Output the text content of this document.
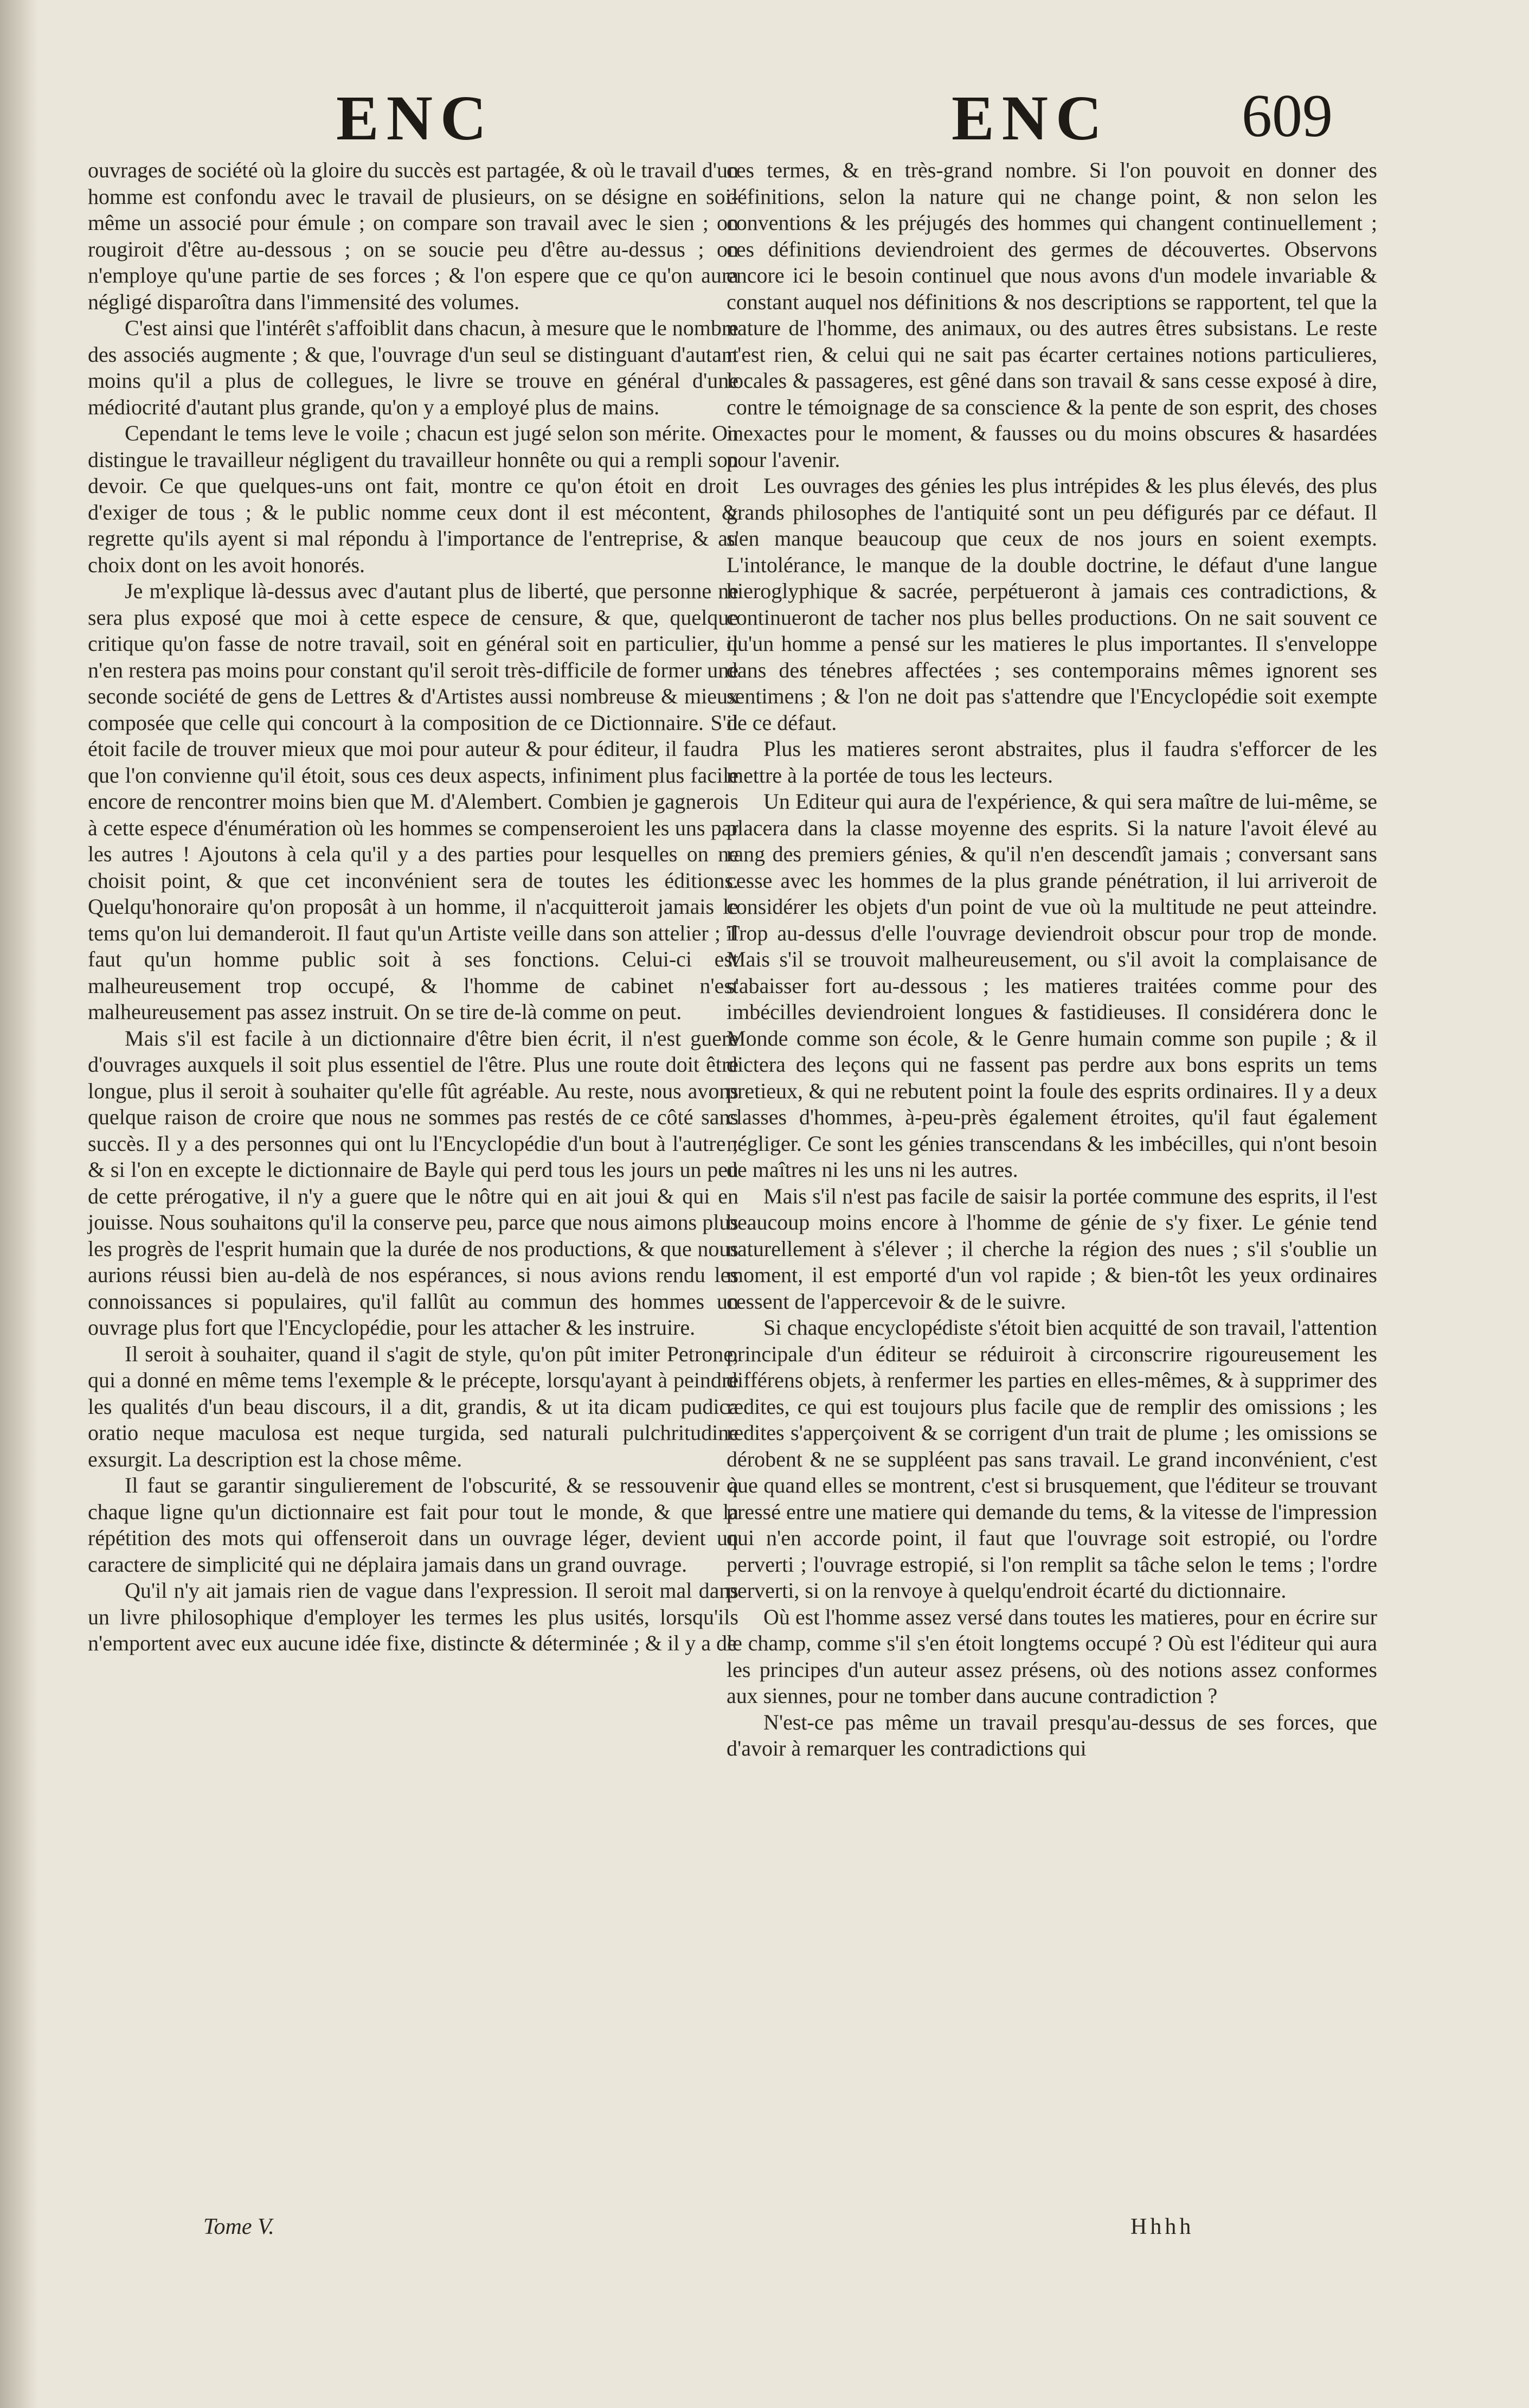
ENC	ENC 609

ouvrages de société où la gloire du succès est partagée, & où le travail d'un homme est confondu avec le travail de plusieurs, on se désigne en soi-même un associé pour émule ; on compare son travail avec le sien ; on rougiroit d'être au-dessous ; on se soucie peu d'être au-dessus ; on n'employe qu'une partie de ses forces ; & l'on espere que ce qu'on aura négligé disparoîtra dans l'immensité des volumes.

C'est ainsi que l'intérêt s'affoiblit dans chacun, à mesure que le nombre des associés augmente ; & que, l'ouvrage d'un seul se distinguant d'autant moins qu'il a plus de collegues, le livre se trouve en général d'une médiocrité d'autant plus grande, qu'on y a employé plus de mains.

Cependant le tems leve le voile ; chacun est jugé selon son mérite. On distingue le travailleur négligent du travailleur honnête ou qui a rempli son devoir. Ce que quelques-uns ont fait, montre ce qu'on étoit en droit d'exiger de tous ; & le public nomme ceux dont il est mécontent, & regrette qu'ils ayent si mal répondu à l'importance de l'entreprise, & au choix dont on les avoit honorés.

Je m'explique là-dessus avec d'autant plus de liberté, que personne ne sera plus exposé que moi à cette espece de censure, & que, quelque critique qu'on fasse de notre travail, soit en général soit en particulier, il n'en restera pas moins pour constant qu'il seroit très-difficile de former une seconde société de gens de Lettres & d'Artistes aussi nombreuse & mieux composée que celle qui concourt à la composition de ce Dictionnaire. S'il étoit facile de trouver mieux que moi pour auteur & pour éditeur, il faudra que l'on convienne qu'il étoit, sous ces deux aspects, infiniment plus facile encore de rencontrer moins bien que M. d'Alembert. Combien je gagnerois à cette espece d'énumération où les hommes se compenseroient les uns par les autres ! Ajoutons à cela qu'il y a des parties pour lesquelles on ne choisit point, & que cet inconvénient sera de toutes les éditions. Quelqu'honoraire qu'on proposât à un homme, il n'acquitteroit jamais le tems qu'on lui demanderoit. Il faut qu'un Artiste veille dans son attelier ; il faut qu'un homme public soit à ses fonctions. Celui-ci est malheureusement trop occupé, & l'homme de cabinet n'est malheureusement pas assez instruit. On se tire de-là comme on peut.

Mais s'il est facile à un dictionnaire d'être bien écrit, il n'est guere d'ouvrages auxquels il soit plus essentiel de l'être. Plus une route doit être longue, plus il seroit à souhaiter qu'elle fût agréable. Au reste, nous avons quelque raison de croire que nous ne sommes pas restés de ce côté sans succès. Il y a des personnes qui ont lu l'Encyclopédie d'un bout à l'autre ; & si l'on en excepte le dictionnaire de Bayle qui perd tous les jours un peu de cette prérogative, il n'y a guere que le nôtre qui en ait joui & qui en jouisse. Nous souhaitons qu'il la conserve peu, parce que nous aimons plus les progrès de l'esprit humain que la durée de nos productions, & que nous aurions réussi bien au-delà de nos espérances, si nous avions rendu les connoissances si populaires, qu'il fallût au commun des hommes un ouvrage plus fort que l'Encyclopédie, pour les attacher & les instruire.

Il seroit à souhaiter, quand il s'agit de style, qu'on pût imiter Petrone, qui a donné en même tems l'exemple & le précepte, lorsqu'ayant à peindre les qualités d'un beau discours, il a dit, grandis, & ut ita dicam pudica oratio neque maculosa est neque turgida, sed naturali pulchritudine exsurgit. La description est la chose même.

Il faut se garantir singulierement de l'obscurité, & se ressouvenir à chaque ligne qu'un dictionnaire est fait pour tout le monde, & que la répétition des mots qui offenseroit dans un ouvrage léger, devient un caractere de simplicité qui ne déplaira jamais dans un grand ouvrage.

Qu'il n'y ait jamais rien de vague dans l'expression. Il seroit mal dans un livre philosophique d'employer les termes les plus usités, lorsqu'ils n'emportent avec eux aucune idée fixe, distincte & déterminée ; & il y a de

ces termes, & en très-grand nombre. Si l'on pouvoit en donner des définitions, selon la nature qui ne change point, & non selon les conventions & les préjugés des hommes qui changent continuellement ; ces définitions deviendroient des germes de découvertes. Observons encore ici le besoin continuel que nous avons d'un modele invariable & constant auquel nos définitions & nos descriptions se rapportent, tel que la nature de l'homme, des animaux, ou des autres êtres subsistans. Le reste n'est rien, & celui qui ne sait pas écarter certaines notions particulieres, locales & passageres, est gêné dans son travail & sans cesse exposé à dire, contre le témoignage de sa conscience & la pente de son esprit, des choses inexactes pour le moment, & fausses ou du moins obscures & hasardées pour l'avenir.

Les ouvrages des génies les plus intrépides & les plus élevés, des plus grands philosophes de l'antiquité sont un peu défigurés par ce défaut. Il s'en manque beaucoup que ceux de nos jours en soient exempts. L'intolérance, le manque de la double doctrine, le défaut d'une langue hieroglyphique & sacrée, perpétueront à jamais ces contradictions, & continueront de tacher nos plus belles productions. On ne sait souvent ce qu'un homme a pensé sur les matieres le plus importantes. Il s'enveloppe dans des ténebres affectées ; ses contemporains mêmes ignorent ses sentimens ; & l'on ne doit pas s'attendre que l'Encyclopédie soit exempte de ce défaut.

Plus les matieres seront abstraites, plus il faudra s'efforcer de les mettre à la portée de tous les lecteurs.

Un Editeur qui aura de l'expérience, & qui sera maître de lui-même, se placera dans la classe moyenne des esprits. Si la nature l'avoit élevé au rang des premiers génies, & qu'il n'en descendît jamais ; conversant sans cesse avec les hommes de la plus grande pénétration, il lui arriveroit de considérer les objets d'un point de vue où la multitude ne peut atteindre. Trop au-dessus d'elle l'ouvrage deviendroit obscur pour trop de monde. Mais s'il se trouvoit malheureusement, ou s'il avoit la complaisance de s'abaisser fort au-dessous ; les matieres traitées comme pour des imbécilles deviendroient longues & fastidieuses. Il considérera donc le Monde comme son école, & le Genre humain comme son pupile ; & il dictera des leçons qui ne fassent pas perdre aux bons esprits un tems pretieux, & qui ne rebutent point la foule des esprits ordinaires. Il y a deux classes d'hommes, à-peu-près également étroites, qu'il faut également négliger. Ce sont les génies transcendans & les imbécilles, qui n'ont besoin de maîtres ni les uns ni les autres.

Mais s'il n'est pas facile de saisir la portée commune des esprits, il l'est beaucoup moins encore à l'homme de génie de s'y fixer. Le génie tend naturellement à s'élever ; il cherche la région des nues ; s'il s'oublie un moment, il est emporté d'un vol rapide ; & bien-tôt les yeux ordinaires cessent de l'appercevoir & de le suivre.

Si chaque encyclopédiste s'étoit bien acquitté de son travail, l'attention principale d'un éditeur se réduiroit à circonscrire rigoureusement les différens objets, à renfermer les parties en elles-mêmes, & à supprimer des redites, ce qui est toujours plus facile que de remplir des omissions ; les redites s'apperçoivent & se corrigent d'un trait de plume ; les omissions se dérobent & ne se suppléent pas sans travail. Le grand inconvénient, c'est que quand elles se montrent, c'est si brusquement, que l'éditeur se trouvant pressé entre une matiere qui demande du tems, & la vitesse de l'impression qui n'en accorde point, il faut que l'ouvrage soit estropié, ou l'ordre perverti ; l'ouvrage estropié, si l'on remplit sa tâche selon le tems ; l'ordre perverti, si on la renvoye à quelqu'endroit écarté du dictionnaire.

Où est l'homme assez versé dans toutes les matieres, pour en écrire sur le champ, comme s'il s'en étoit longtems occupé ? Où est l'éditeur qui aura les principes d'un auteur assez présens, où des notions assez conformes aux siennes, pour ne tomber dans aucune contradiction ?

N'est-ce pas même un travail presqu'au-dessus de ses forces, que d'avoir à remarquer les contradictions qui

Tome V.	Hhhh
